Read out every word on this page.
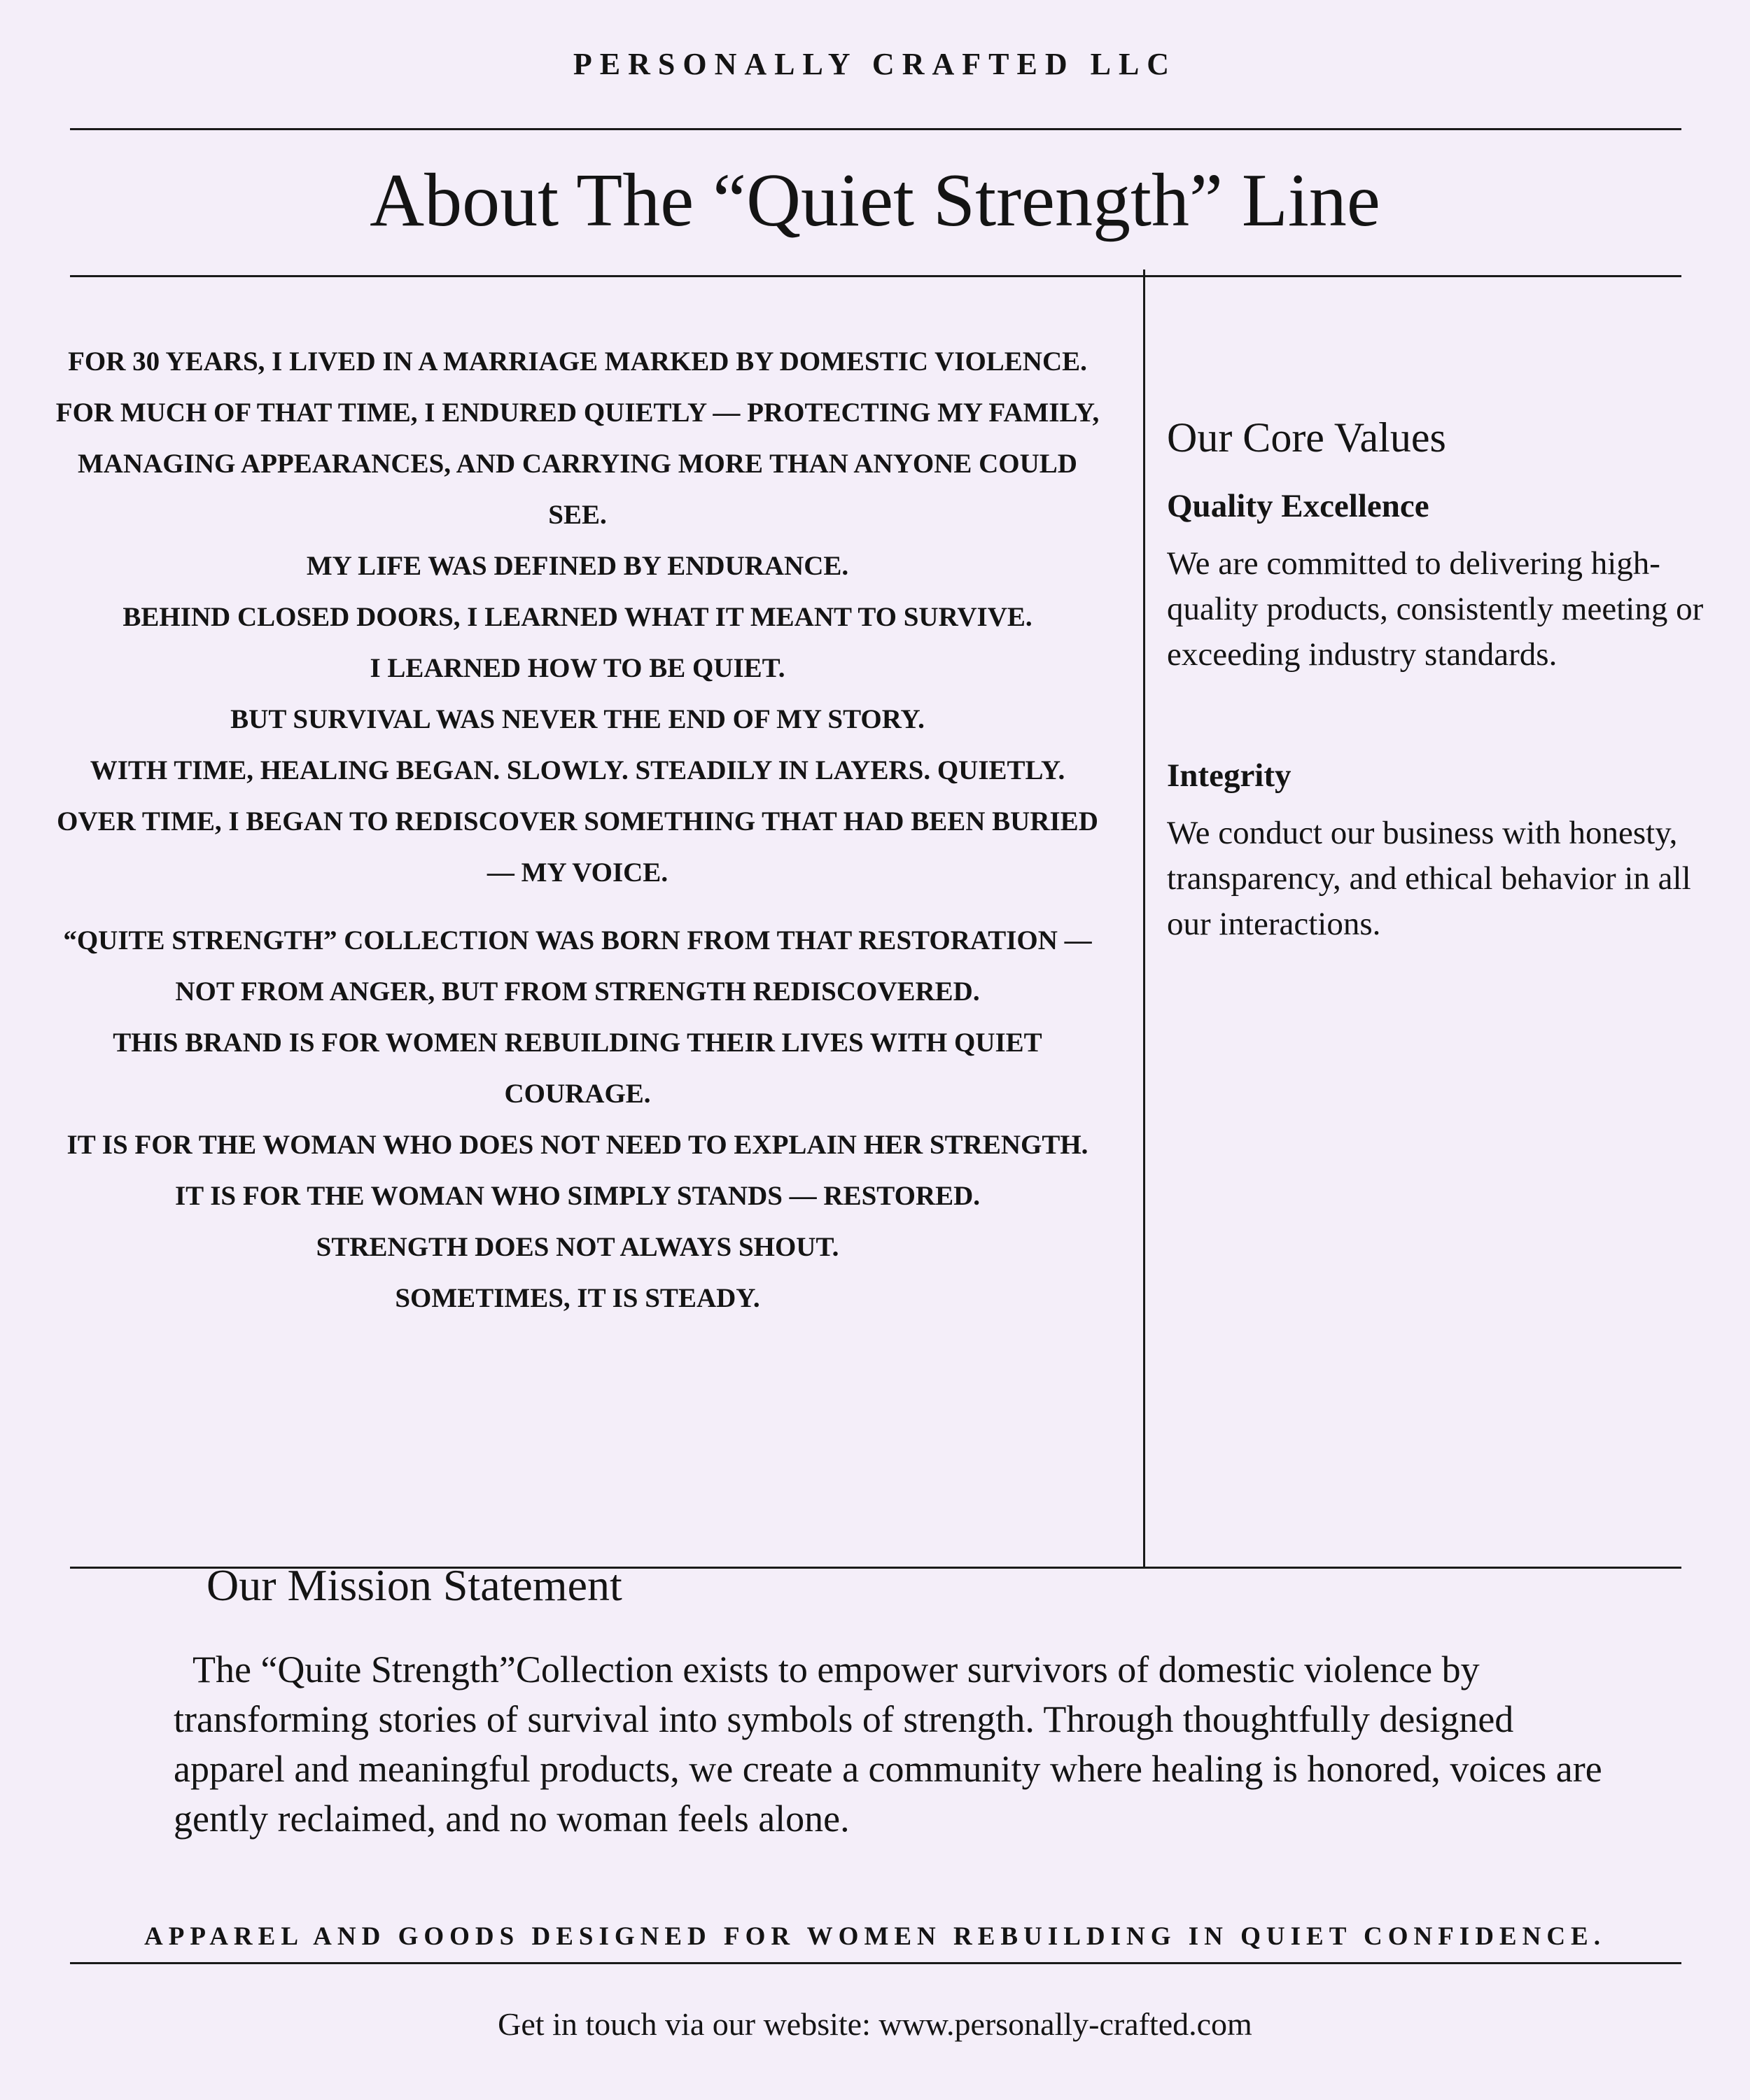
PERSONALLY CRAFTED LLC
About The “Quiet Strength” Line

FOR 30 YEARS, I LIVED IN A MARRIAGE MARKED BY DOMESTIC VIOLENCE.

FOR MUCH OF THAT TIME, I ENDURED QUIETLY — PROTECTING MY FAMILY, MANAGING APPEARANCES, AND CARRYING MORE THAN ANYONE COULD SEE.

MY LIFE WAS DEFINED BY ENDURANCE.

BEHIND CLOSED DOORS, I LEARNED WHAT IT MEANT TO SURVIVE.

I LEARNED HOW TO BE QUIET.

BUT SURVIVAL WAS NEVER THE END OF MY STORY.

WITH TIME, HEALING BEGAN. SLOWLY. STEADILY IN LAYERS. QUIETLY.

OVER TIME, I BEGAN TO REDISCOVER SOMETHING THAT HAD BEEN BURIED — MY VOICE.

“QUITE STRENGTH” COLLECTION WAS BORN FROM THAT RESTORATION — NOT FROM ANGER, BUT FROM STRENGTH REDISCOVERED.

THIS BRAND IS FOR WOMEN REBUILDING THEIR LIVES WITH QUIET COURAGE.

IT IS FOR THE WOMAN WHO DOES NOT NEED TO EXPLAIN HER STRENGTH.

IT IS FOR THE WOMAN WHO SIMPLY STANDS — RESTORED.

STRENGTH DOES NOT ALWAYS SHOUT.

SOMETIMES, IT IS STEADY.

Our Core Values
Quality Excellence
We are committed to delivering high-quality products, consistently meeting or exceeding industry standards.
Integrity
We conduct our business with honesty, transparency, and ethical behavior in all our interactions.
Our Mission Statement
 The “Quite Strength”Collection exists to empower survivors of domestic violence by transforming stories of survival into symbols of strength. Through thoughtfully designed apparel and meaningful products, we create a community where healing is honored, voices are gently reclaimed, and no woman feels alone.
APPAREL AND GOODS DESIGNED FOR WOMEN REBUILDING IN QUIET CONFIDENCE.
Get in touch via our website: www.personally-crafted.com
